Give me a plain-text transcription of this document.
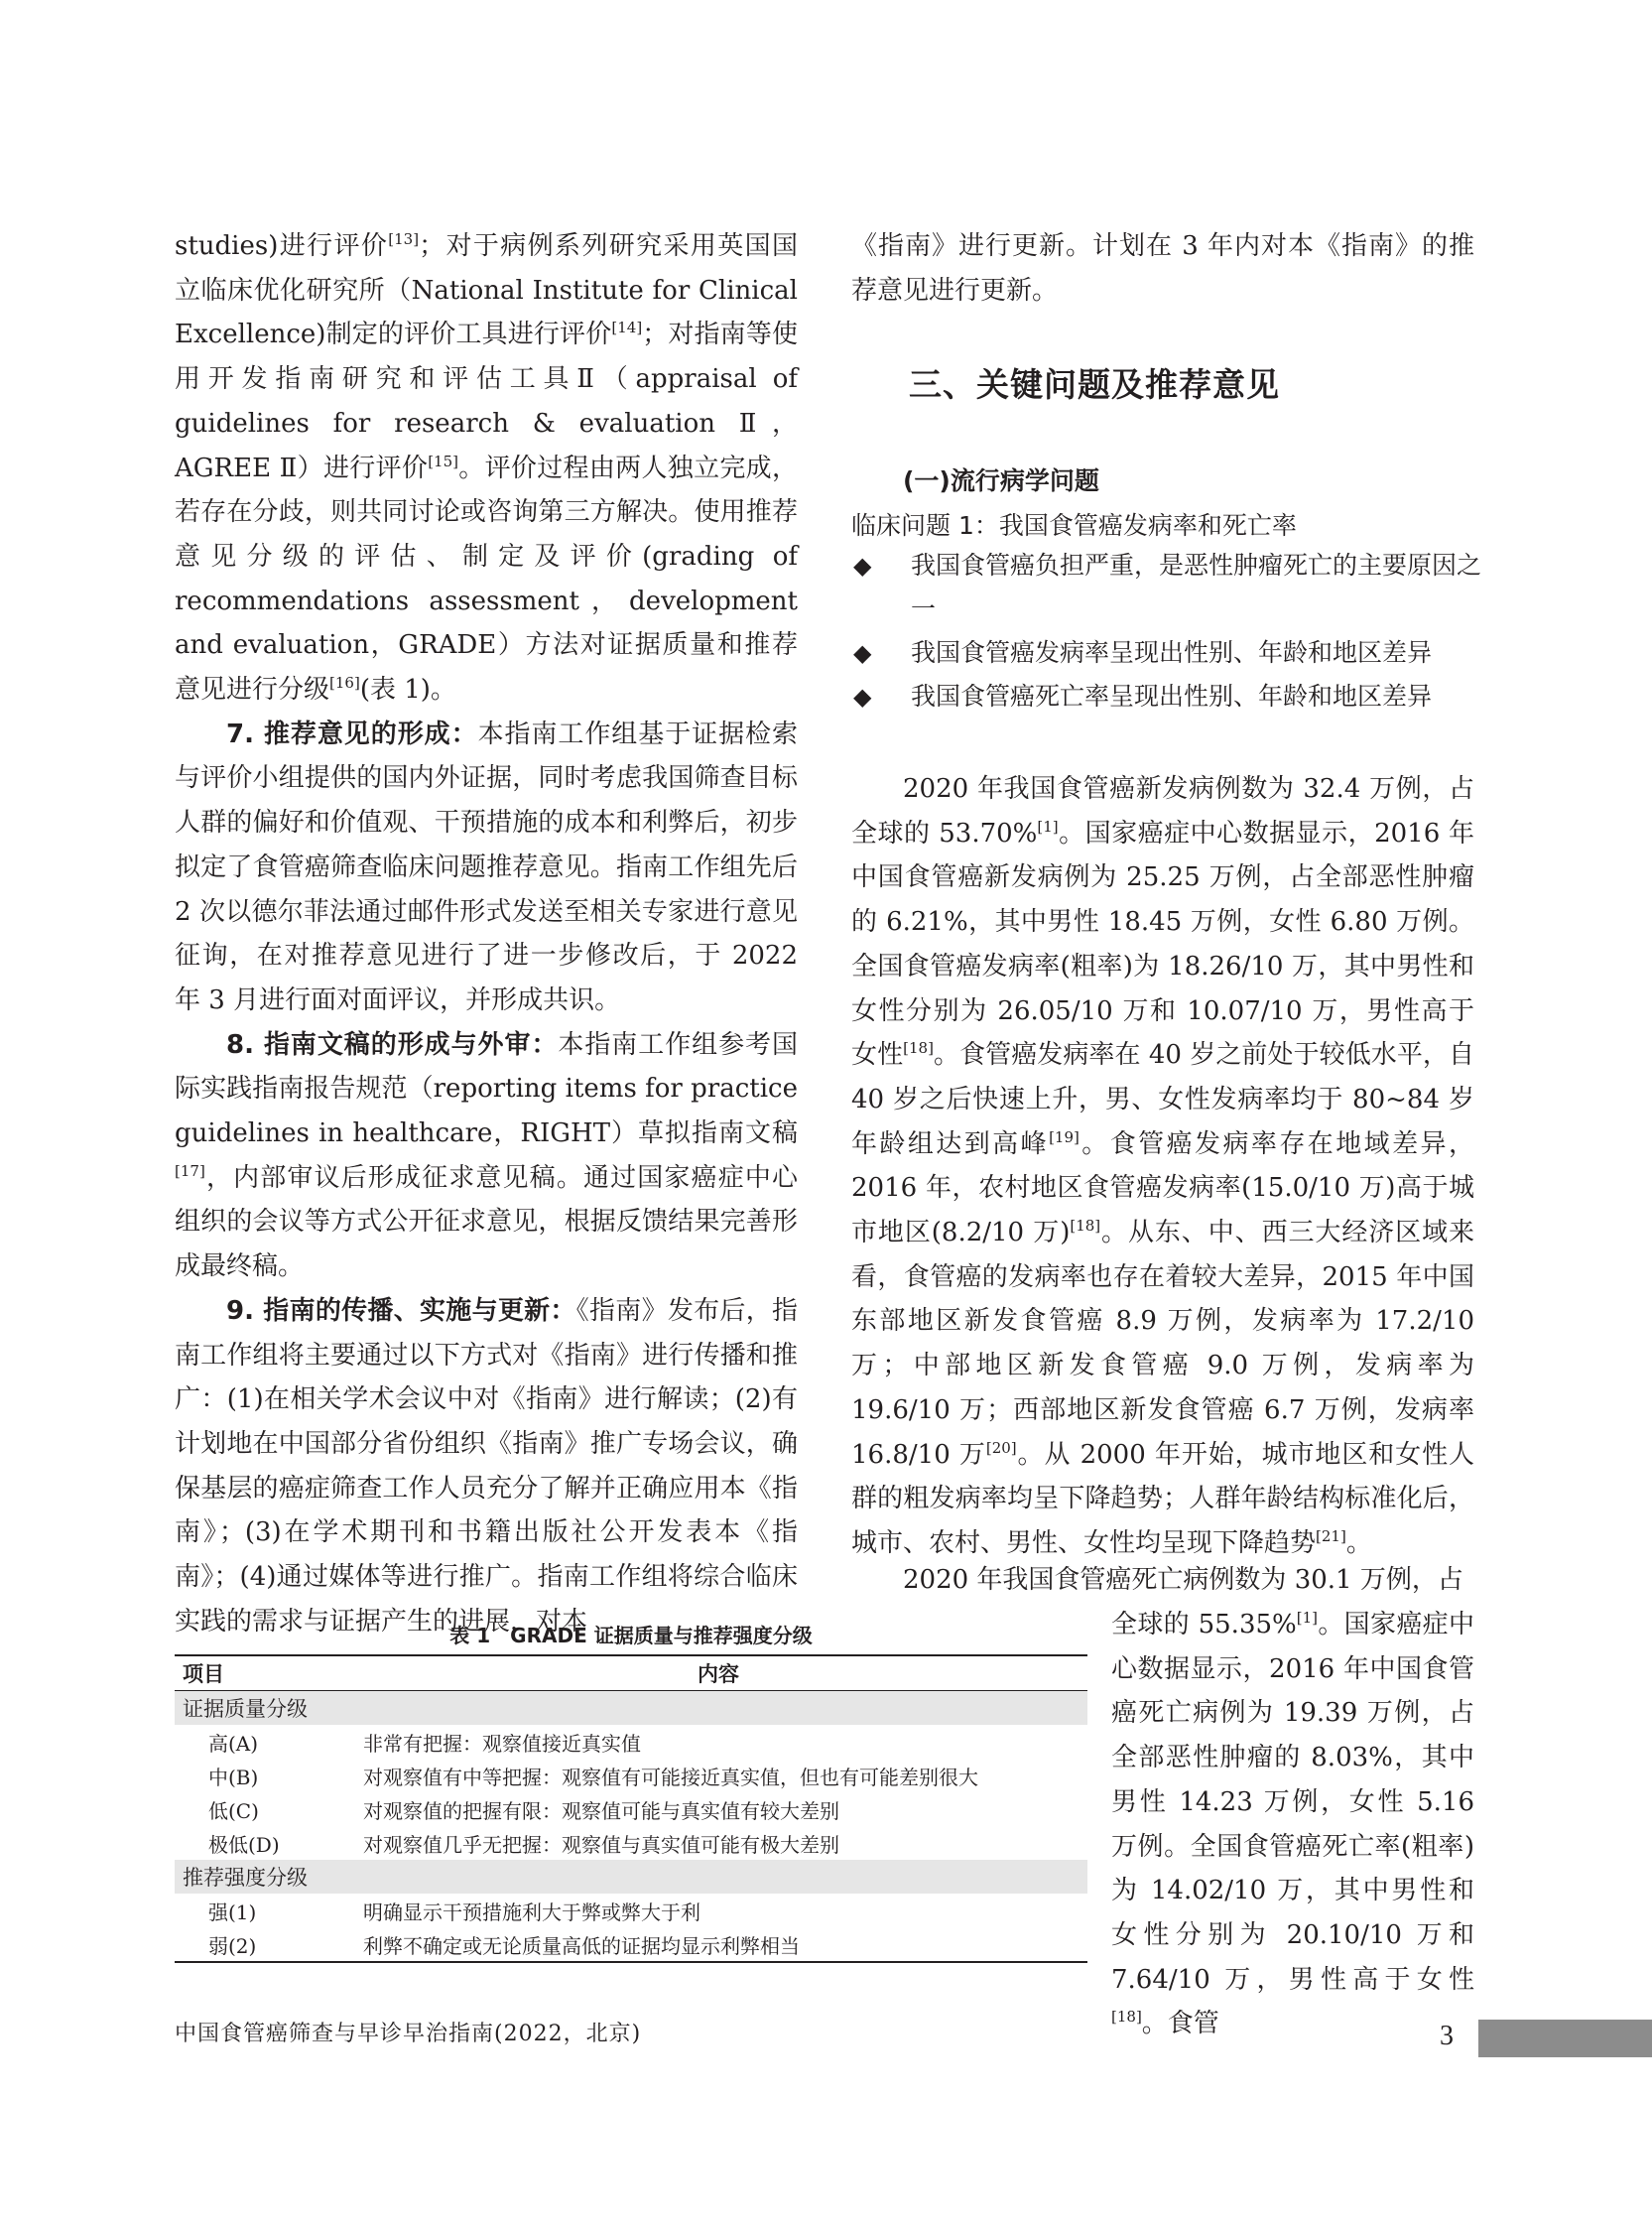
studies)进行评价[13]；对于病例系列研究采用英国国立临床优化研究所（National Institute for Clinical Excellence)制定的评价工具进行评价[14]；对指南等使用开发指南研究和评估工具Ⅱ（appraisal of guidelines for research & evaluation Ⅱ，AGREE Ⅱ）进行评价[15]。评价过程由两人独立完成，若存在分歧，则共同讨论或咨询第三方解决。使用推荐意见分级的评估、制定及评价(grading of recommendations assessment，development and evaluation，GRADE）方法对证据质量和推荐意见进行分级[16](表 1)。

7. 推荐意见的形成：本指南工作组基于证据检索与评价小组提供的国内外证据，同时考虑我国筛查目标人群的偏好和价值观、干预措施的成本和利弊后，初步拟定了食管癌筛查临床问题推荐意见。指南工作组先后 2 次以德尔菲法通过邮件形式发送至相关专家进行意见征询，在对推荐意见进行了进一步修改后，于 2022 年 3 月进行面对面评议，并形成共识。

8. 指南文稿的形成与外审：本指南工作组参考国际实践指南报告规范（reporting items for practice guidelines in healthcare，RIGHT）草拟指南文稿[17]，内部审议后形成征求意见稿。通过国家癌症中心组织的会议等方式公开征求意见，根据反馈结果完善形成最终稿。

9. 指南的传播、实施与更新：《指南》发布后，指南工作组将主要通过以下方式对《指南》进行传播和推广：(1)在相关学术会议中对《指南》进行解读；(2)有计划地在中国部分省份组织《指南》推广专场会议，确保基层的癌症筛查工作人员充分了解并正确应用本《指南》；(3)在学术期刊和书籍出版社公开发表本《指南》；(4)通过媒体等进行推广。指南工作组将综合临床实践的需求与证据产生的进展，对本

《指南》进行更新。计划在 3 年内对本《指南》的推荐意见进行更新。

三、关键问题及推荐意见
(一)流行病学问题

临床问题 1：我国食管癌发病率和死亡率

◆ 我国食管癌负担严重，是恶性肿瘤死亡的主要原因之一
◆ 我国食管癌发病率呈现出性别、年龄和地区差异
◆ 我国食管癌死亡率呈现出性别、年龄和地区差异

2020 年我国食管癌新发病例数为 32.4 万例，占全球的 53.70%[1]。国家癌症中心数据显示，2016 年中国食管癌新发病例为 25.25 万例，占全部恶性肿瘤的 6.21%，其中男性 18.45 万例，女性 6.80 万例。全国食管癌发病率(粗率)为 18.26/10 万，其中男性和女性分别为 26.05/10 万和 10.07/10 万，男性高于女性[18]。食管癌发病率在 40 岁之前处于较低水平，自 40 岁之后快速上升，男、女性发病率均于 80~84 岁年龄组达到高峰[19]。食管癌发病率存在地域差异，2016 年，农村地区食管癌发病率(15.0/10 万)高于城市地区(8.2/10 万)[18]。从东、中、西三大经济区域来看，食管癌的发病率也存在着较大差异，2015 年中国东部地区新发食管癌 8.9 万例，发病率为 17.2/10 万；中部地区新发食管癌 9.0 万例，发病率为 19.6/10 万；西部地区新发食管癌 6.7 万例，发病率 16.8/10 万[20]。从 2000 年开始，城市地区和女性人群的粗发病率均呈下降趋势；人群年龄结构标准化后，城市、农村、男性、女性均呈现下降趋势[21]。

2020 年我国食管癌死亡病例数为 30.1 万例，占

全球的 55.35%[1]。国家癌症中心数据显示，2016 年中国食管癌死亡病例为 19.39 万例，占全部恶性肿瘤的 8.03%，其中男性 14.23 万例，女性 5.16 万例。全国食管癌死亡率(粗率)为 14.02/10 万，其中男性和女性分别为 20.10/10 万和 7.64/10 万，男性高于女性[18]。食管

表 1　GRADE 证据质量与推荐强度分级
项目	内容
证据质量分级	
高(A)	非常有把握：观察值接近真实值
中(B)	对观察值有中等把握：观察值有可能接近真实值，但也有可能差别很大
低(C)	对观察值的把握有限：观察值可能与真实值有较大差别
极低(D)	对观察值几乎无把握：观察值与真实值可能有极大差别
推荐强度分级	
强(1)	明确显示干预措施利大于弊或弊大于利
弱(2)	利弊不确定或无论质量高低的证据均显示利弊相当
中国食管癌筛查与早诊早治指南(2022，北京)	3
